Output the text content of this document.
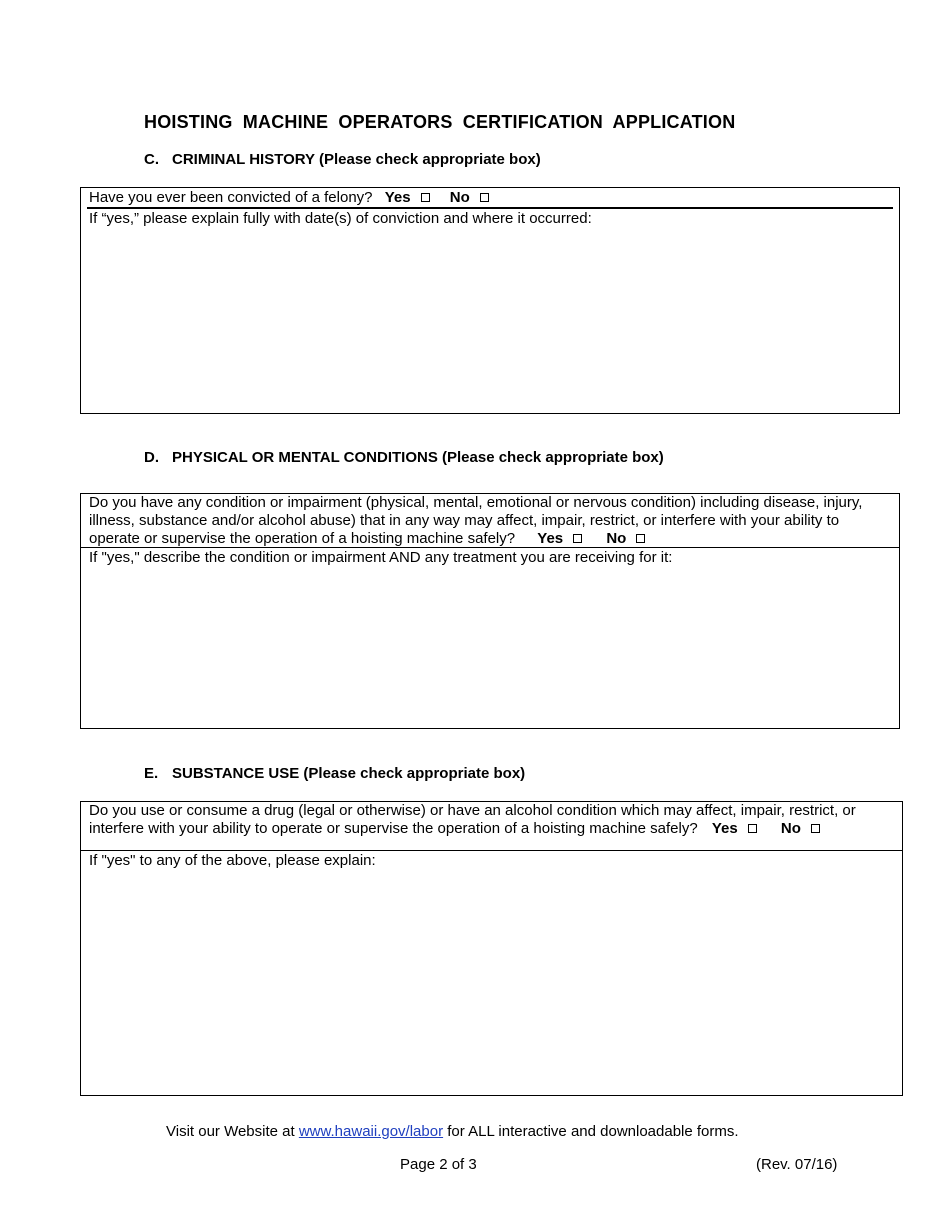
HOISTING MACHINE OPERATORS CERTIFICATION APPLICATION
C. CRIMINAL HISTORY (Please check appropriate box)
Have you ever been convicted of a felony? Yes	No
If “yes,” please explain fully with date(s) of conviction and where it occurred:
D. PHYSICAL OR MENTAL CONDITIONS (Please check appropriate box)
Do you have any condition or impairment (physical, mental, emotional or nervous condition) including disease, injury,
illness, substance and/or alcohol abuse) that in any way may affect, impair, restrict, or interfere with your ability to
operate or supervise the operation of a hoisting machine safely? Yes	No
If "yes," describe the condition or impairment AND any treatment you are receiving for it:
E. SUBSTANCE USE (Please check appropriate box)
Do you use or consume a drug (legal or otherwise) or have an alcohol condition which may affect, impair, restrict, or
interfere with your ability to operate or supervise the operation of a hoisting machine safely? Yes	No
If "yes" to any of the above, please explain:
Visit our Website at www.hawaii.gov/labor for ALL interactive and downloadable forms.
Page 2 of 3	(Rev. 07/16)
